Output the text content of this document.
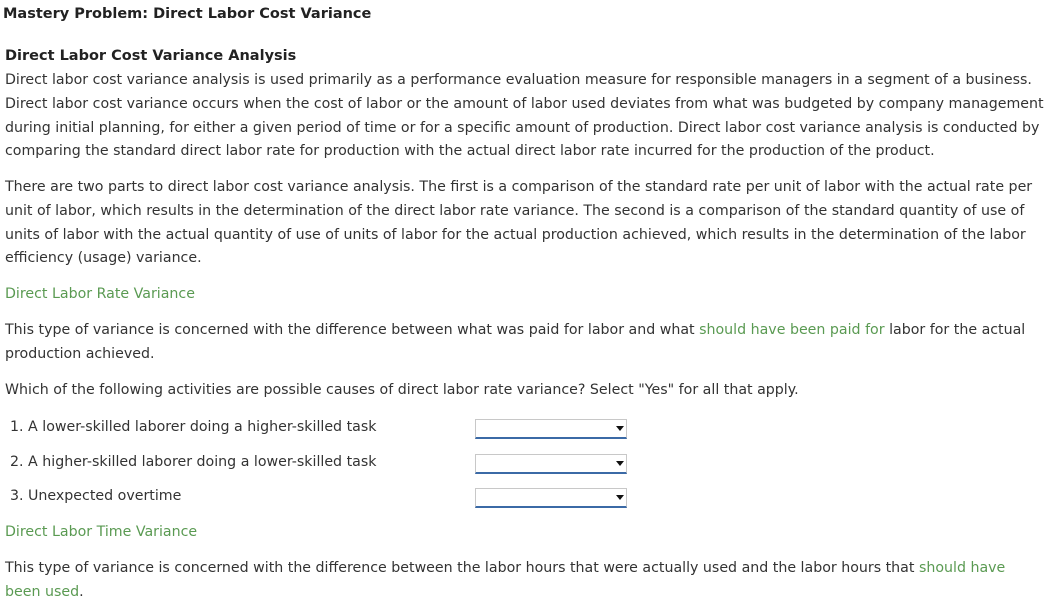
Mastery Problem: Direct Labor Cost Variance
Direct Labor Cost Variance Analysis

Direct labor cost variance analysis is used primarily as a performance evaluation measure for responsible managers in a segment of a business.
Direct labor cost variance occurs when the cost of labor or the amount of labor used deviates from what was budgeted by company management
during initial planning, for either a given period of time or for a specific amount of production. Direct labor cost variance analysis is conducted by
comparing the standard direct labor rate for production with the actual direct labor rate incurred for the production of the product.

There are two parts to direct labor cost variance analysis. The first is a comparison of the standard rate per unit of labor with the actual rate per
unit of labor, which results in the determination of the direct labor rate variance. The second is a comparison of the standard quantity of use of
units of labor with the actual quantity of use of units of labor for the actual production achieved, which results in the determination of the labor
efficiency (usage) variance.

Direct Labor Rate Variance

This type of variance is concerned with the difference between what was paid for labor and what should have been paid for labor for the actual
production achieved.

Which of the following activities are possible causes of direct labor rate variance? Select "Yes" for all that apply.
1. A lower-skilled laborer doing a higher-skilled task
2. A higher-skilled laborer doing a lower-skilled task
3. Unexpected overtime
Direct Labor Time Variance

This type of variance is concerned with the difference between the labor hours that were actually used and the labor hours that should have
been used.
